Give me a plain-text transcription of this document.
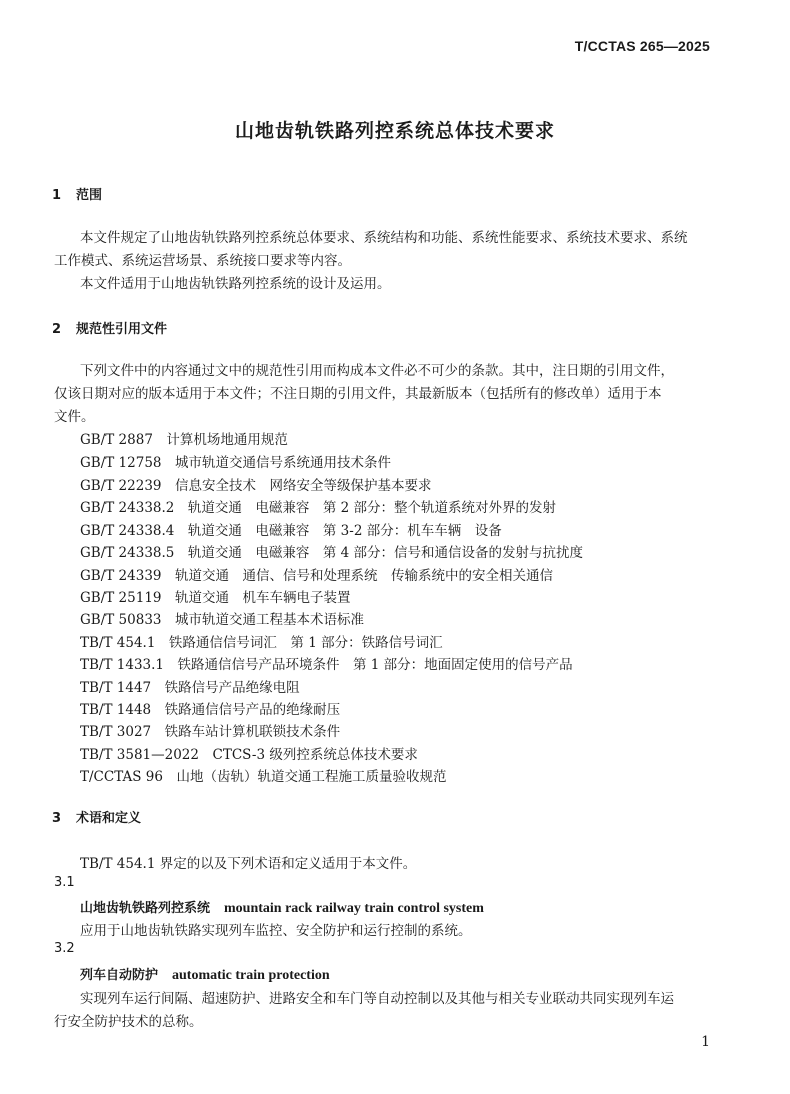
T/CCTAS 265—2025
山地齿轨铁路列控系统总体技术要求
1 范围
本文件规定了山地齿轨铁路列控系统总体要求、系统结构和功能、系统性能要求、系统技术要求、系统
工作模式、系统运营场景、系统接口要求等内容。
本文件适用于山地齿轨铁路列控系统的设计及运用。
2 规范性引用文件
下列文件中的内容通过文中的规范性引用而构成本文件必不可少的条款。其中，注日期的引用文件，
仅该日期对应的版本适用于本文件；不注日期的引用文件，其最新版本（包括所有的修改单）适用于本
文件。
GB/T 2887　 计算机场地通用规范
GB/T 12758　 城市轨道交通信号系统通用技术条件
GB/T 22239　 信息安全技术　网络安全等级保护基本要求
GB/T 24338.2　 轨道交通　电磁兼容　第 2 部分：整个轨道系统对外界的发射
GB/T 24338.4　 轨道交通　电磁兼容　第 3-2 部分：机车车辆　设备
GB/T 24338.5　 轨道交通　电磁兼容　第 4 部分：信号和通信设备的发射与抗扰度
GB/T 24339　 轨道交通　通信、信号和处理系统　传输系统中的安全相关通信
GB/T 25119　 轨道交通　机车车辆电子装置
GB/T 50833　 城市轨道交通工程基本术语标准
TB/T 454.1　 铁路通信信号词汇　第 1 部分：铁路信号词汇
TB/T 1433.1　 铁路通信信号产品环境条件　第 1 部分：地面固定使用的信号产品
TB/T 1447　 铁路信号产品绝缘电阻
TB/T 1448　 铁路通信信号产品的绝缘耐压
TB/T 3027　 铁路车站计算机联锁技术条件
TB/T 3581—2022　 CTCS-3 级列控系统总体技术要求
T/CCTAS 96　 山地（齿轨）轨道交通工程施工质量验收规范
3 术语和定义
TB/T 454.1 界定的以及下列术语和定义适用于本文件。
3.1
山地齿轨铁路列控系统 mountain rack railway train control system
应用于山地齿轨铁路实现列车监控、安全防护和运行控制的系统。
3.2
列车自动防护 automatic train protection
实现列车运行间隔、超速防护、进路安全和车门等自动控制以及其他与相关专业联动共同实现列车运
行安全防护技术的总称。
1
